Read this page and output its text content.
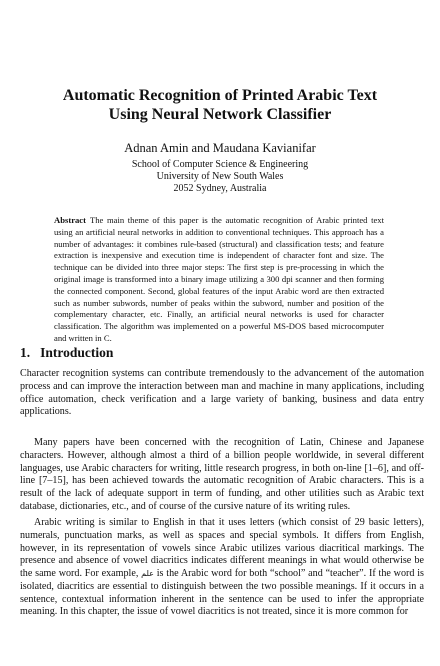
Automatic Recognition of Printed Arabic Text
Using Neural Network Classifier
Adnan Amin and Maudana Kavianifar
School of Computer Science & Engineering
University of New South Wales
2052 Sydney, Australia

Abstract The main theme of this paper is the automatic recognition of Arabic printed text using an artificial neural networks in addition to conventional techniques. This approach has a number of advantages: it combines rule-based (structural) and classification tests; and feature extraction is inexpensive and execution time is independent of character font and size. The technique can be divided into three major steps: The first step is pre-processing in which the original image is transformed into a binary image utilizing a 300 dpi scanner and then forming the connected component. Second, global features of the input Arabic word are then extracted such as number subwords, number of peaks within the subword, number and position of the complementary character, etc. Finally, an artificial neural networks is used for character classification. The algorithm was implemented on a powerful MS-DOS based microcomputer and written in C.

1. Introduction

Character recognition systems can contribute tremendously to the advancement of the automation process and can improve the interaction between man and machine in many applications, including office automation, check verification and a large variety of banking, business and data entry applications.

Many papers have been concerned with the recognition of Latin, Chinese and Japanese characters. However, although almost a third of a billion people worldwide, in several different languages, use Arabic characters for writing, little research progress, in both on-line [1–6], and off-line [7–15], has been achieved towards the automatic recognition of Arabic characters. This is a result of the lack of adequate support in term of funding, and other utilities such as Arabic text database, dictionaries, etc., and of course of the cursive nature of its writing rules.

Arabic writing is similar to English in that it uses letters (which consist of 29 basic letters), numerals, punctuation marks, as well as spaces and special symbols. It differs from English, however, in its representation of vowels since Arabic utilizes various diacritical markings. The presence and absence of vowel diacritics indicates different meanings in what would otherwise be the same word. For example, علم is the Arabic word for both “school” and “teacher”. If the word is isolated, diacritics are essential to distinguish between the two possible meanings. If it occurs in a sentence, contextual information inherent in the sentence can be used to infer the appropriate meaning. In this chapter, the issue of vowel diacritics is not treated, since it is more common for
